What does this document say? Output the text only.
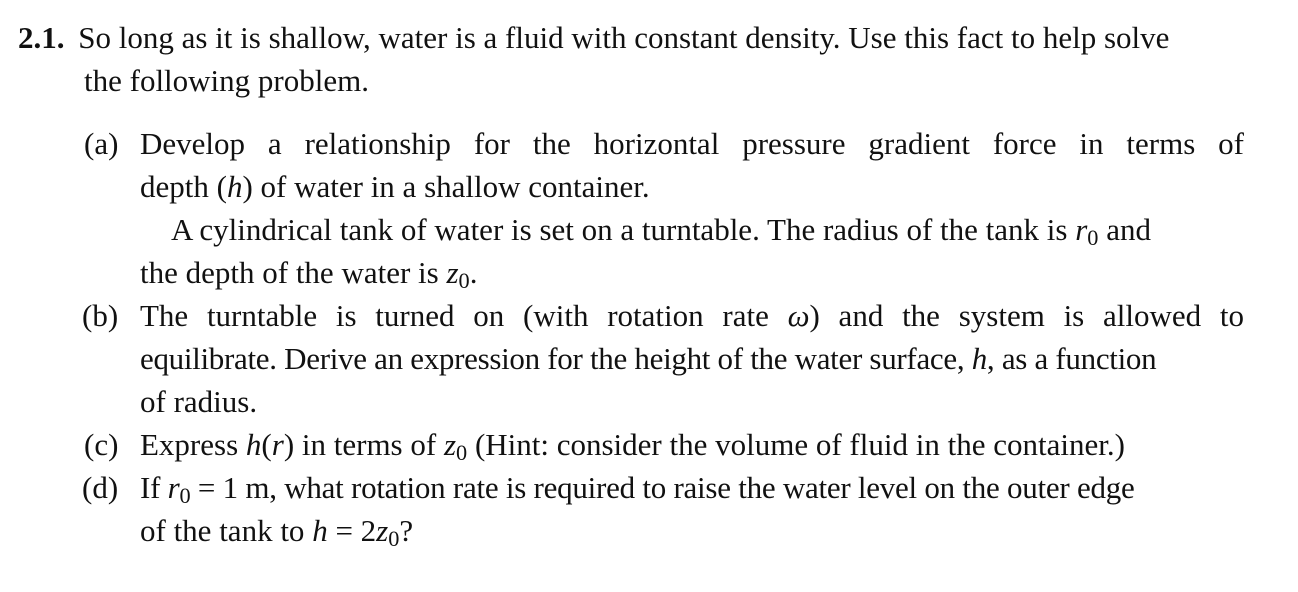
2.1. So long as it is shallow, water is a fluid with constant density. Use this fact to help solve
the following problem.
(a) Develop a relationship for the horizontal pressure gradient force in terms of
depth (h) of water in a shallow container.
A cylindrical tank of water is set on a turntable. The radius of the tank is $r_0$ and
the depth of the water is $z_0$.
(b) The turntable is turned on (with rotation rate ω) and the system is allowed to
equilibrate. Derive an expression for the height of the water surface, h, as a function
of radius.
(c) Express h(r) in terms of $z_0$ (Hint: consider the volume of fluid in the container.)
(d) If $r_0 = 1$ m, what rotation rate is required to raise the water level on the outer edge
of the tank to $h = 2z_0$?
